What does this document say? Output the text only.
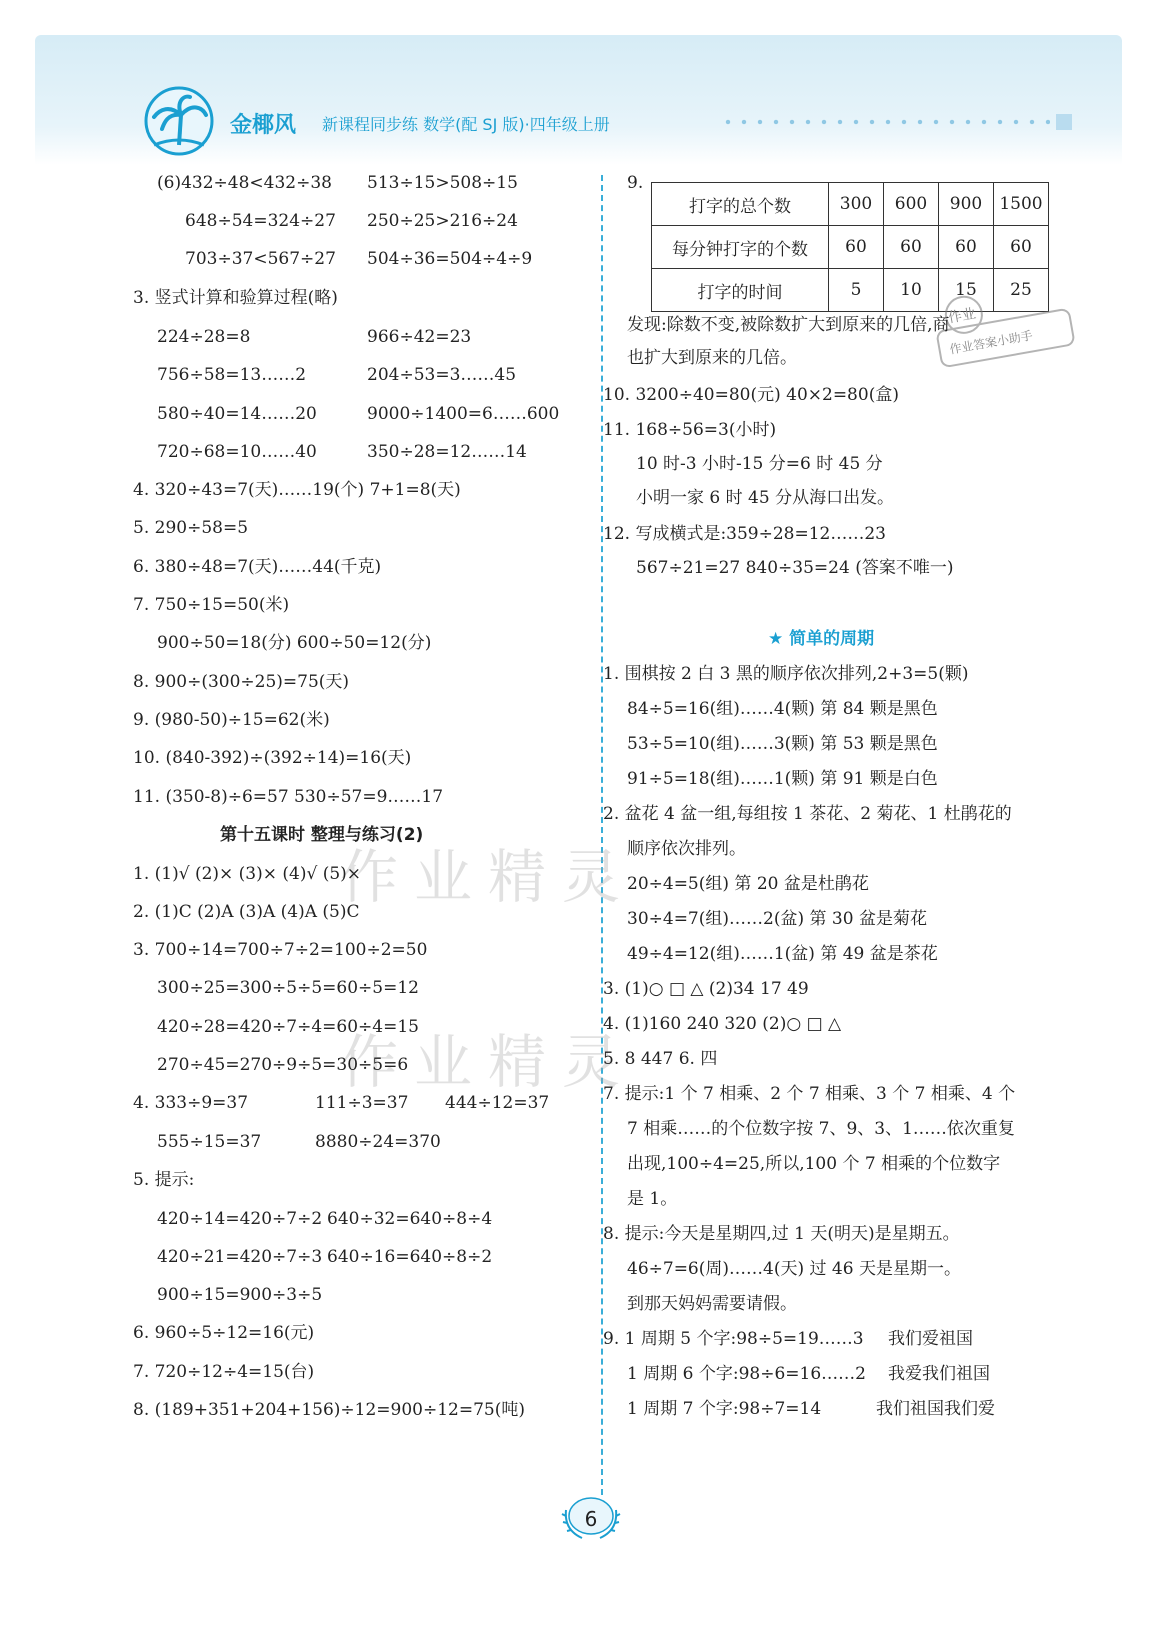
金椰风 新课程同步练 数学(配 SJ 版)·四年级上册
作业精灵
作业精灵
(6)432÷48<432÷38 513÷15>508÷15
648÷54=324÷27 250÷25>216÷24
703÷37<567÷27 504÷36=504÷4÷9
3. 竖式计算和验算过程(略)
224÷28=8	966÷42=23
756÷58=13……2	204÷53=3……45
580÷40=14……20	9000÷1400=6……600
720÷68=10……40	350÷28=12……14
4. 320÷43=7(天)……19(个) 7+1=8(天)
5. 290÷58=5
6. 380÷48=7(天)……44(千克)
7. 750÷15=50(米)
900÷50=18(分) 600÷50=12(分)
8. 900÷(300÷25)=75(天)
9. (980-50)÷15=62(米)
10. (840-392)÷(392÷14)=16(天)
11. (350-8)÷6=57 530÷57=9……17
第十五课时 整理与练习(2)
1. (1)√ (2)× (3)× (4)√ (5)×
2. (1)C (2)A (3)A (4)A (5)C
3. 700÷14=700÷7÷2=100÷2=50
300÷25=300÷5÷5=60÷5=12
420÷28=420÷7÷4=60÷4=15
270÷45=270÷9÷5=30÷5=6
4. 333÷9=37	111÷3=37 444÷12=37
555÷15=37	8880÷24=370
5. 提示:
420÷14=420÷7÷2 640÷32=640÷8÷4
420÷21=420÷7÷3 640÷16=640÷8÷2
900÷15=900÷3÷5
6. 960÷5÷12=16(元)
7. 720÷12÷4=15(台)
8. (189+351+204+156)÷12=900÷12=75(吨)
9.
打字的总个数	300	600	900	1500
每分钟打字的个数	60	60	60	60
打字的时间	5	10	15	25
作业
作业答案小助手
发现:除数不变,被除数扩大到原来的几倍,商
也扩大到原来的几倍。
10. 3200÷40=80(元) 40×2=80(盒)
11. 168÷56=3(小时)
10 时-3 小时-15 分=6 时 45 分
小明一家 6 时 45 分从海口出发。
12. 写成横式是:359÷28=12……23
567÷21=27 840÷35=24 (答案不唯一)
★ 简单的周期
1. 围棋按 2 白 3 黑的顺序依次排列,2+3=5(颗)
84÷5=16(组)……4(颗) 第 84 颗是黑色
53÷5=10(组)……3(颗) 第 53 颗是黑色
91÷5=18(组)……1(颗) 第 91 颗是白色
2. 盆花 4 盆一组,每组按 1 茶花、2 菊花、1 杜鹃花的
顺序依次排列。
20÷4=5(组) 第 20 盆是杜鹃花
30÷4=7(组)……2(盆) 第 30 盆是菊花
49÷4=12(组)……1(盆) 第 49 盆是茶花
3. (1)○ □ △ (2)34 17 49
4. (1)160 240 320 (2)○ □ △
5. 8 447 6. 四
7. 提示:1 个 7 相乘、2 个 7 相乘、3 个 7 相乘、4 个
7 相乘……的个位数字按 7、9、3、1……依次重复
出现,100÷4=25,所以,100 个 7 相乘的个位数字
是 1。
8. 提示:今天是星期四,过 1 天(明天)是星期五。
46÷7=6(周)……4(天) 过 46 天是星期一。
到那天妈妈需要请假。
9. 1 周期 5 个字:98÷5=19……3 我们爱祖国
1 周期 6 个字:98÷6=16……2 我爱我们祖国
1 周期 7 个字:98÷7=14	我们祖国我们爱
6
